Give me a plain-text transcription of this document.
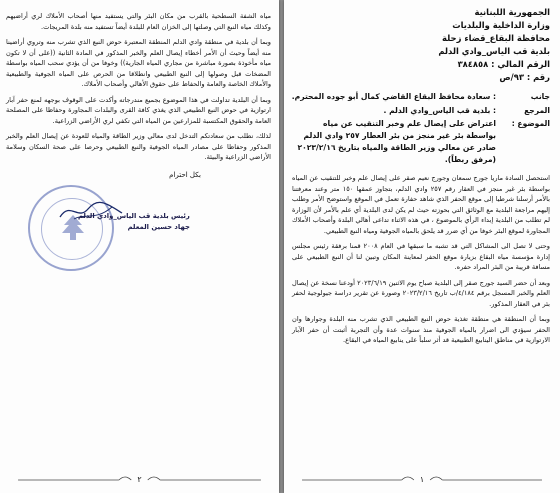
الجمهورية اللبنانية
وزارة الداخلية والبلديات
محافظة البقاع_قضاء زحلة
بلدية قب الياس_وادي الدلم
الرقم المالي : ٣٨٤٨٥٨
رقم : ٩٣/ص
جانب
: سعادة محافظ البقاع القاضي كمال أبو جوده المحترم.
المرجع
: بلدية قب الياس_وادي الدلم .
الموضوع :
اعتراض على إيصال علم وخبر التنقيب عن مياه بواسطة بئر غير منجز من بئر العطار ٢٥٧ وادي الدلم صادر عن معالي وزير الطاقة والمياه بتاريخ ٢٠٢٣/٢/١٦ (مرفق ربطاً).

استحصل السادة ماريا جورج سمعان وجورج نعيم صقر على إيصال علم وخبر للتنقيب عن المياه بواسطة بئر غير منجز في العقار رقم ٢٥٧ وادي الدلم، بتجاوز عمقها ١٥٠ متر وعند معرفتنا بالأمر أرسلنا شرطيا إلى موقع الحفر الذي شاهد حفارة تعمل في الموقع واستوضح الأمر وطلب إليهم مراجعة البلدية مع الوثائق التي بحوزته حيث لم يكن لدى البلدية أي علم بالأمر لأن الوزارة لم تطلب من البلدية إبداء الرأي بالموضوع ، في هذه الاثناء تداعى أهالي البلدة وأصحاب الأملاك المجاورة لموقع البئر خوفا من أي ضرر قد يلحق بالمياه الجوفية ومياه النبع الطبيعي.

وحتى لا تصل الى المشاكل التي قد تشبه ما سبقها في العام ٢٠٠٨ قمنا برفقة رئيس مجلس إدارة مؤسسة مياه البقاع بزيارة موقع الحفر لمعاينة المكان وتبين لنا أن النبع الطبيعي على مسافة قريبة من البئر المراد حفره.

وبعد أن حضر السيد جورج صقر إلى البلدية صباح يوم الاثنين ٢٠٢٣/٦/١٩ أودعنا نسخة عن إيصال العلم والخبر المسجل برقم ٤/١٨٤/ب تاريخ ٢٠٢٣/٢/١٦ وصورة عن تقرير دراسة جيولوجية لحفر بئر في العقار المذكور.

وبما أن المنطقة هي منطقة تغذية حوض النبع الطبيعي الذي تشرب منه البلدة وجوارها وان الحفر سيؤدي الى اضرار بالمياه الجوفية منذ سنوات عدة وأن التجربة أثبتت أن حفر الآبار الارتوازية في مناطق الينابيع الطبيعية قد أثر سلباً على ينابيع المياه في البقاع.

١

مياه الشفة السطحية بالقرب من مكان البئر والتي يستفيد منها أصحاب الأملاك لري أراضيهم وكذلك مياه النبع التي وصلتها إلى الخزان العام للبلدة أيضاً تستفيد منه بلدة المريجات.

وبما أن بلدية في منطقة وادي الدلم المنطقة المعتبرة حوض النبع الذي تشرب منه وتروي أراضينا منه أيضاً وحيث أن الأمر أخطاء إيصال العلم والخبر المذكور في المادة الثانية ((على أن لا تكون مياه مأخوذة بصورة مباشرة من مجاري المياه الجارية)) وخوفا من أن يؤدي سحب المياه بواسطة المضخات قبل وصولها إلى النبع الطبيعي وانطلاقا من الحرص على المياه الجوفية والطبيعية والأملاك الخاصة والعامة والحفاظ على حقوق الأهالي وأصحاب الأملاك.

وبما أن البلدية تداولت في هذا الموضوع بجميع مندرجاته وأكدت على الوقوف بوجهه لمنع حفر آبار ارتوازية في حوض النبع الطبيعي الذي يغذي كافة القرى والبلدات المجاورة وحفاظا على المصلحة العامة والحقوق المكتسبة للمزارعين من المياه التي تكفي لري الأراضي الزراعية.

لذلك، نطلب من سعادتكم التدخل لدى معالي وزير الطاقة والمياه للعودة عن إيصال العلم والخبر المذكور وحفاظا على مصادر المياه الجوفية والنبع الطبيعي وحرصا على صحة السكان وسلامة الأراضي الزراعية والبيئة.

بكل احترام
رئيس بلدية قب الياس_وادي الدلم
جهاد حسين المعلم
٢
